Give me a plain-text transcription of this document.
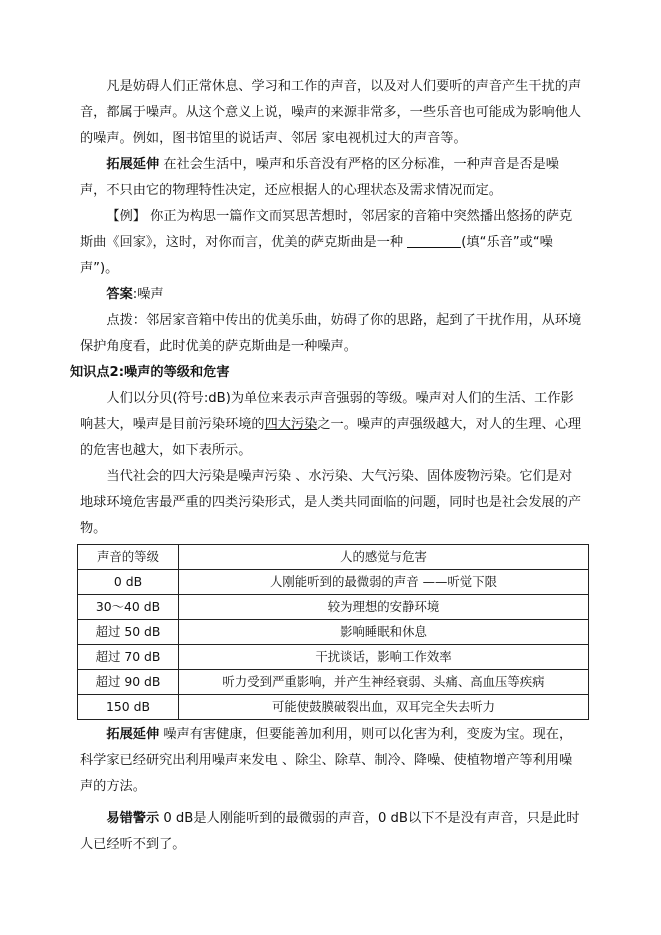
凡是妨碍人们正常休息、学习和工作的声音，以及对人们要听的声音产生干扰的声音，都属于噪声。从这个意义上说，噪声的来源非常多，一些乐音也可能成为影响他人的噪声。例如，图书馆里的说话声、邻居 家电视机过大的声音等。

拓展延伸 在社会生活中，噪声和乐音没有严格的区分标准，一种声音是否是噪声，不只由它的物理特性决定，还应根据人的心理状态及需求情况而定。

【例】 你正为构思一篇作文而冥思苦想时，邻居家的音箱中突然播出悠扬的萨克斯曲《回家》，这时，对你而言，优美的萨克斯曲是一种	(填“乐音”或“噪声”)。

答案:噪声

点拨：邻居家音箱中传出的优美乐曲，妨碍了你的思路，起到了干扰作用，从环境保护角度看，此时优美的萨克斯曲是一种噪声。

知识点2:噪声的等级和危害

人们以分贝(符号:dB)为单位来表示声音强弱的等级。噪声对人们的生活、工作影响甚大，噪声是目前污染环境的四大污染之一。噪声的声强级越大，对人的生理、心理的危害也越大，如下表所示。

当代社会的四大污染是噪声污染 、水污染、大气污染、固体废物污染。它们是对地球环境危害最严重的四类污染形式，是人类共同面临的问题，同时也是社会发展的产物。

声音的等级	人的感觉与危害
0 dB	人刚能听到的最微弱的声音 ——听觉下限
30～40 dB	较为理想的安静环境
超过 50 dB	影响睡眠和休息
超过 70 dB	干扰谈话，影响工作效率
超过 90 dB	听力受到严重影响，并产生神经衰弱、头痛、高血压等疾病
150 dB	可能使鼓膜破裂出血，双耳完全失去听力

拓展延伸 噪声有害健康，但要能善加利用，则可以化害为利，变废为宝。现在，科学家已经研究出利用噪声来发电 、除尘、除草、制冷、降噪、使植物增产等利用噪声的方法。

易错警示 0 dB是人刚能听到的最微弱的声音，0 dB以下不是没有声音，只是此时 人已经听不到了。
